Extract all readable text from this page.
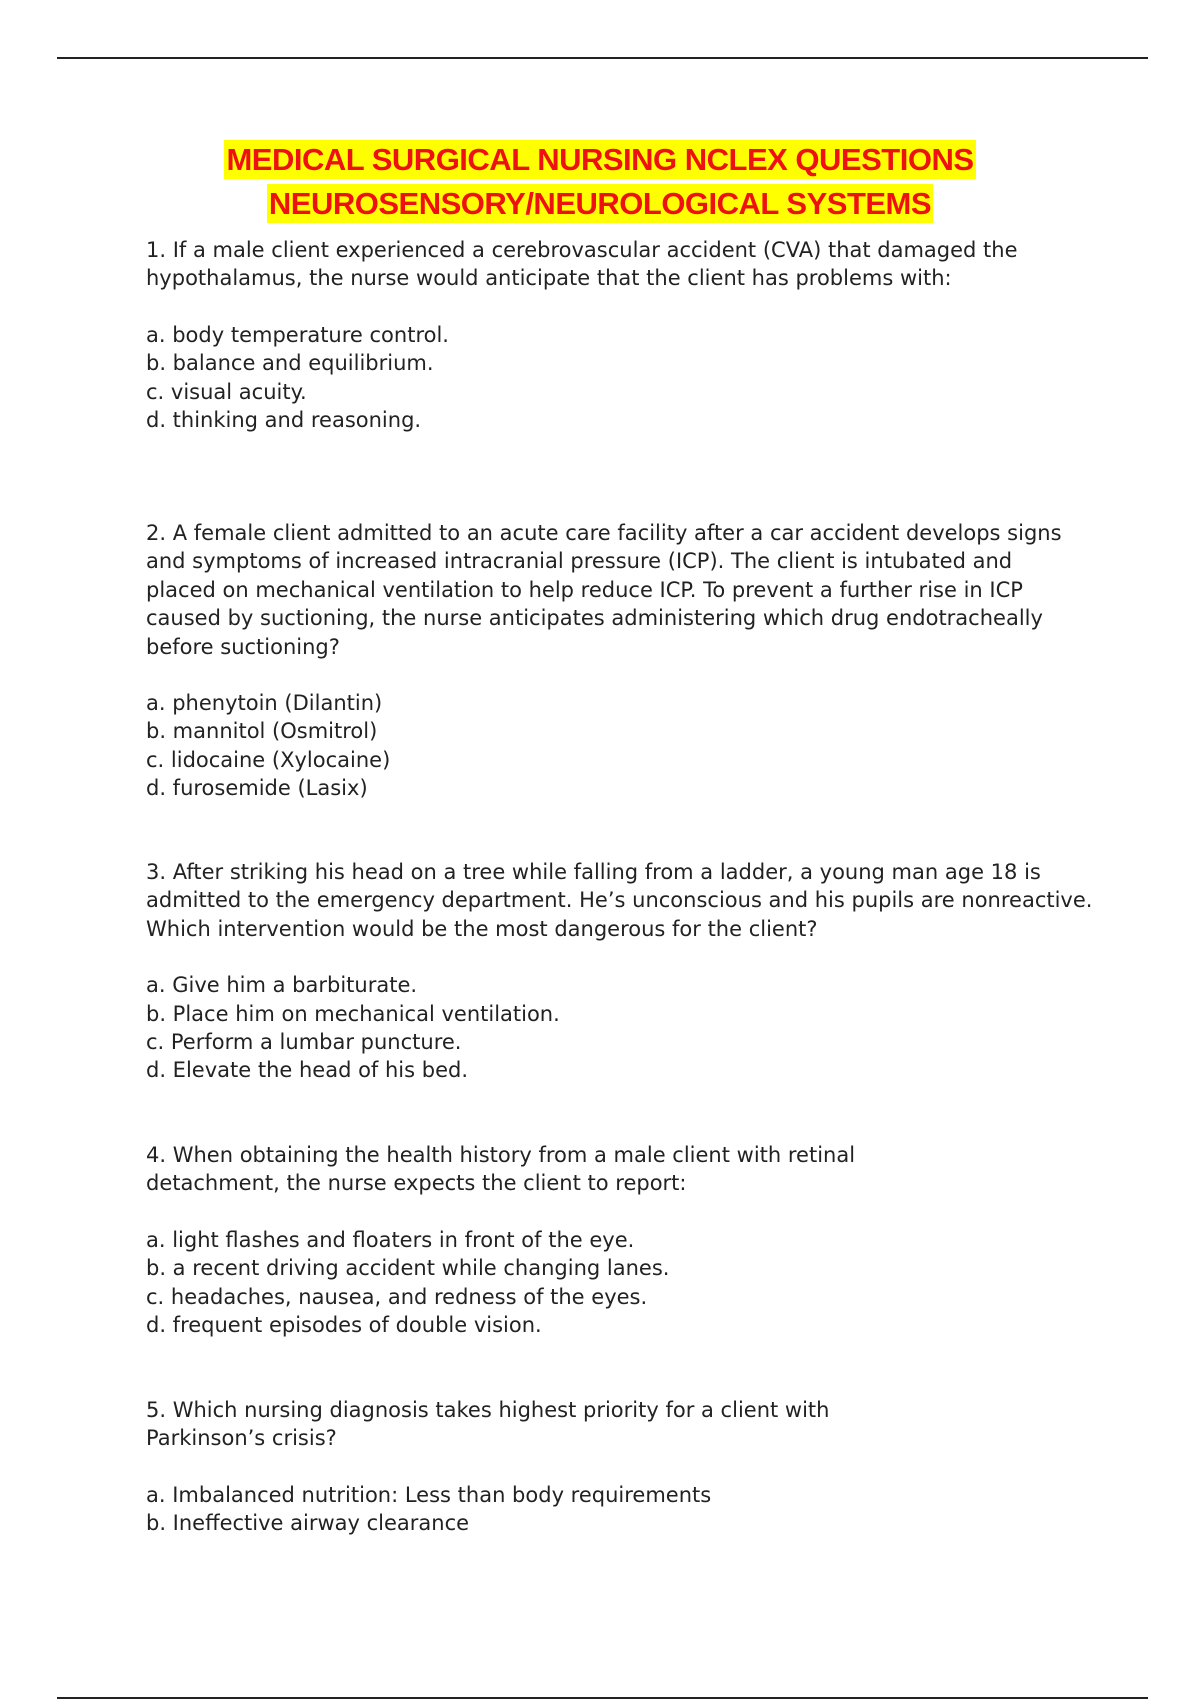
MEDICAL SURGICAL NURSING NCLEX QUESTIONS
NEUROSENSORY/NEUROLOGICAL SYSTEMS

1. If a male client experienced a cerebrovascular accident (CVA) that damaged the hypothalamus, the nurse would anticipate that the client has problems with:

a. body temperature control.

b. balance and equilibrium.

c. visual acuity.

d. thinking and reasoning.

2. A female client admitted to an acute care facility after a car accident develops signs and symptoms of increased intracranial pressure (ICP). The client is intubated and placed on mechanical ventilation to help reduce ICP. To prevent a further rise in ICP caused by suctioning, the nurse anticipates administering which drug endotracheally before suctioning?

a. phenytoin (Dilantin)

b. mannitol (Osmitrol)

c. lidocaine (Xylocaine)

d. furosemide (Lasix)

3. After striking his head on a tree while falling from a ladder, a young man age 18 is admitted to the emergency department. He’s unconscious and his pupils are nonreactive. Which intervention would be the most dangerous for the client?

a. Give him a barbiturate.

b. Place him on mechanical ventilation.

c. Perform a lumbar puncture.

d. Elevate the head of his bed.

4. When obtaining the health history from a male client with retinal detachment, the nurse expects the client to report:

a. light flashes and floaters in front of the eye.

b. a recent driving accident while changing lanes.

c. headaches, nausea, and redness of the eyes.

d. frequent episodes of double vision.

5. Which nursing diagnosis takes highest priority for a client with Parkinson’s crisis?

a. Imbalanced nutrition: Less than body requirements

b. Ineffective airway clearance
